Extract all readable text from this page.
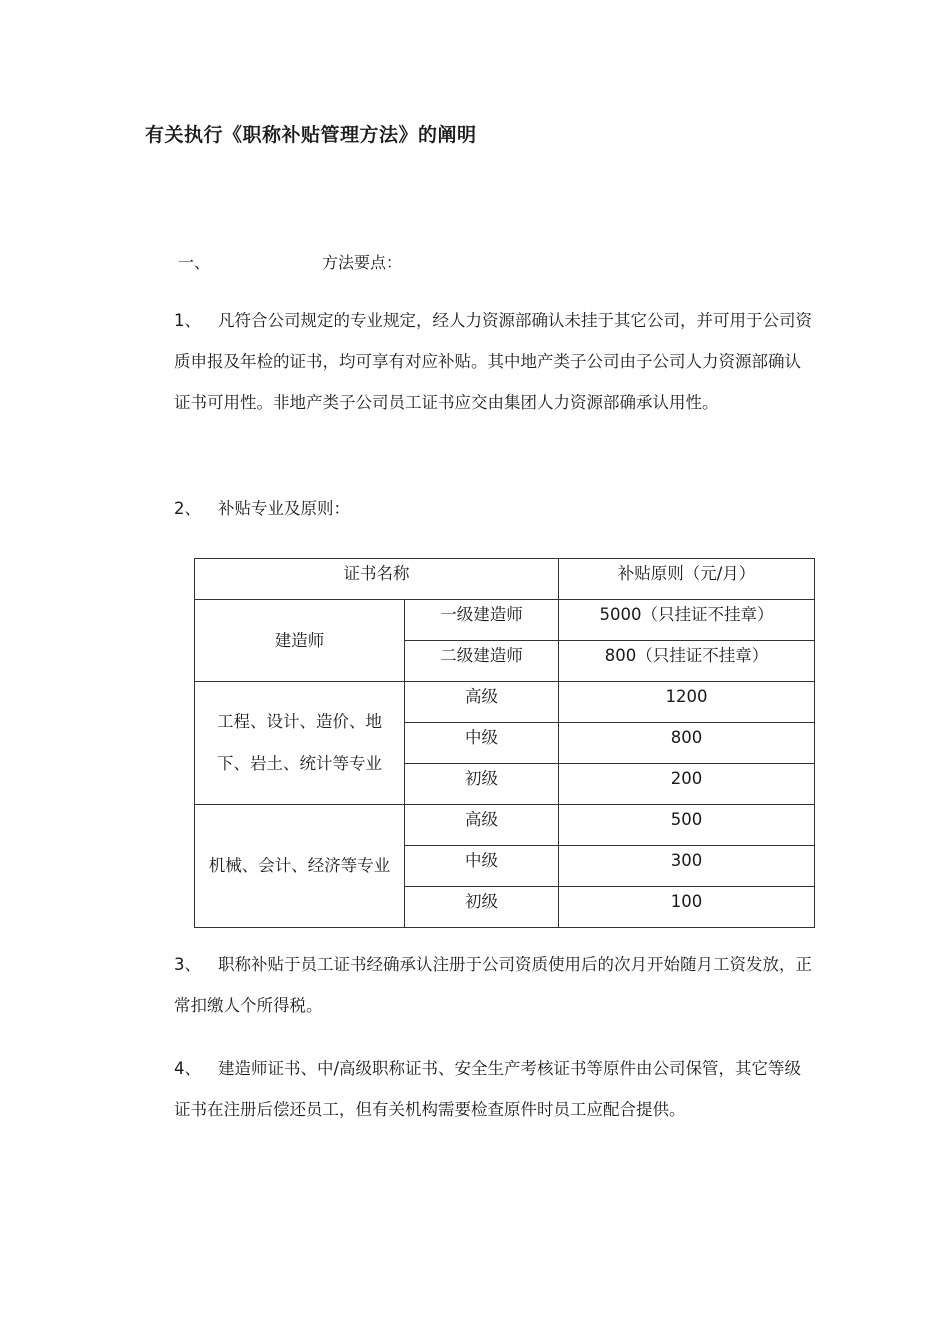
有关执行《职称补贴管理方法》的阐明
一、	方法要点：
1、 凡符合公司规定的专业规定，经人力资源部确认未挂于其它公司，并可用于公司资质申报及年检的证书，均可享有对应补贴。其中地产类子公司由子公司人力资源部确认证书可用性。非地产类子公司员工证书应交由集团人力资源部确承认用性。
2、 补贴专业及原则：
证书名称		补贴原则（元/月）

建造师	一级建造师	5000（只挂证不挂章）

	二级建造师	800（只挂证不挂章）

工程、设计、造价、地下、岩土、统计等专业	高级	1200

	中级	800

	初级	200

机械、会计、经济等专业	高级	500

	中级	300

	初级	100
3、 职称补贴于员工证书经确承认注册于公司资质使用后的次月开始随月工资发放，正常扣缴人个所得税。
4、 建造师证书、中/高级职称证书、安全生产考核证书等原件由公司保管，其它等级证书在注册后偿还员工，但有关机构需要检查原件时员工应配合提供。
